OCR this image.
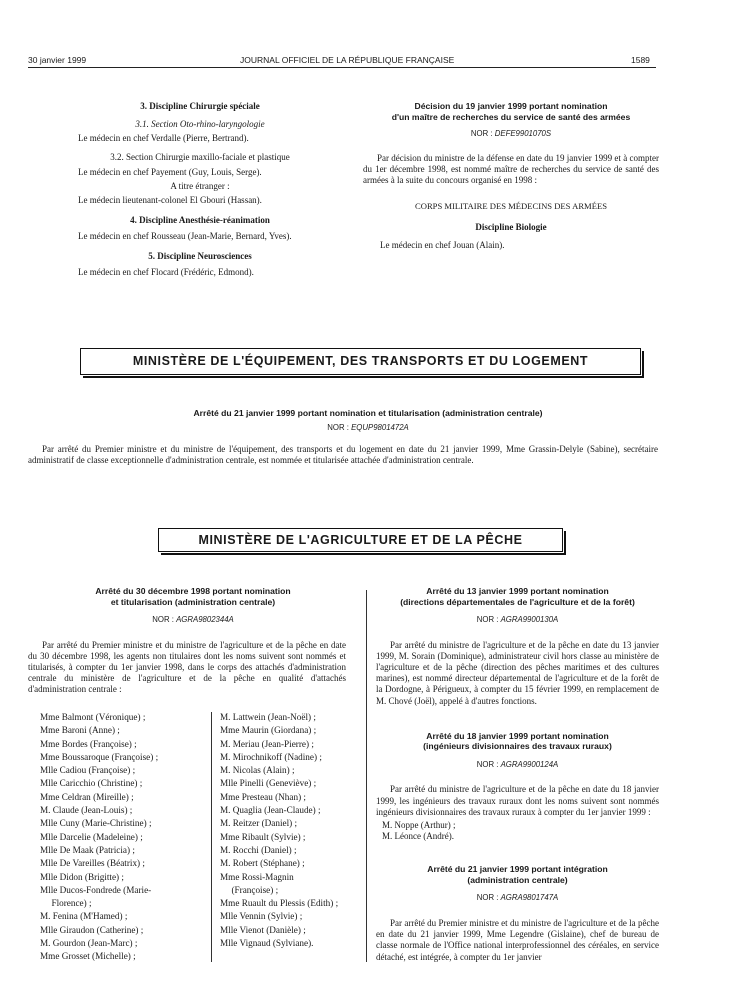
30 janvier 1999	JOURNAL OFFICIEL DE LA RÉPUBLIQUE FRANÇAISE	1589
3. Discipline Chirurgie spéciale
3.1. Section Oto-rhino-laryngologie
Le médecin en chef Verdalle (Pierre, Bertrand).
3.2. Section Chirurgie maxillo-faciale et plastique
Le médecin en chef Payement (Guy, Louis, Serge).
A titre étranger :
Le médecin lieutenant-colonel El Gbouri (Hassan).
4. Discipline Anesthésie-réanimation
Le médecin en chef Rousseau (Jean-Marie, Bernard, Yves).
5. Discipline Neurosciences
Le médecin en chef Flocard (Frédéric, Edmond).
Décision du 19 janvier 1999 portant nomination
d'un maître de recherches du service de santé des armées
NOR : DEFE9901070S
Par décision du ministre de la défense en date du 19 janvier 1999 et à compter du 1er décembre 1998, est nommé maître de recherches du service de santé des armées à la suite du concours organisé en 1998 :
CORPS MILITAIRE DES MÉDECINS DES ARMÉES
Discipline Biologie
Le médecin en chef Jouan (Alain).
MINISTÈRE DE L'ÉQUIPEMENT, DES TRANSPORTS ET DU LOGEMENT
Arrêté du 21 janvier 1999 portant nomination et titularisation (administration centrale)
NOR : EQUP9801472A
Par arrêté du Premier ministre et du ministre de l'équipement, des transports et du logement en date du 21 janvier 1999, Mme Grassin-Delyle (Sabine), secrétaire administratif de classe exceptionnelle d'administration centrale, est nommée et titularisée attachée d'administration centrale.
MINISTÈRE DE L'AGRICULTURE ET DE LA PÊCHE
Arrêté du 30 décembre 1998 portant nomination
et titularisation (administration centrale)
NOR : AGRA9802344A
Par arrêté du Premier ministre et du ministre de l'agriculture et de la pêche en date du 30 décembre 1998, les agents non titulaires dont les noms suivent sont nommés et titularisés, à compter du 1er janvier 1998, dans le corps des attachés d'administration centrale du ministère de l'agriculture et de la pêche en qualité d'attachés d'administration centrale :
Mme Balmont (Véronique) ;
Mme Baroni (Anne) ;
Mme Bordes (Françoise) ;
Mme Boussaroque (Françoise) ;
Mlle Cadiou (Françoise) ;
Mlle Caricchio (Christine) ;
Mme Celdran (Mireille) ;
M. Claude (Jean-Louis) ;
Mlle Cuny (Marie-Christine) ;
Mlle Darcelie (Madeleine) ;
Mlle De Maak (Patricia) ;
Mlle De Vareilles (Béatrix) ;
Mlle Didon (Brigitte) ;
Mlle Ducos-Fondrede (Marie-
Florence) ;
M. Fenina (M'Hamed) ;
Mlle Giraudon (Catherine) ;
M. Gourdon (Jean-Marc) ;
Mme Grosset (Michelle) ;
M. Lattwein (Jean-Noël) ;
Mme Maurin (Giordana) ;
M. Meriau (Jean-Pierre) ;
M. Mirochnikoff (Nadine) ;
M. Nicolas (Alain) ;
Mlle Pinelli (Geneviève) ;
Mme Presteau (Nhan) ;
M. Quaglia (Jean-Claude) ;
M. Reitzer (Daniel) ;
Mme Ribault (Sylvie) ;
M. Rocchi (Daniel) ;
M. Robert (Stéphane) ;
Mme Rossi-Magnin
(Françoise) ;
Mme Ruault du Plessis (Edith) ;
Mlle Vennin (Sylvie) ;
Mlle Vienot (Danièle) ;
Mlle Vignaud (Sylviane).
Arrêté du 13 janvier 1999 portant nomination
(directions départementales de l'agriculture et de la forêt)
NOR : AGRA9900130A
Par arrêté du ministre de l'agriculture et de la pêche en date du 13 janvier 1999, M. Sorain (Dominique), administrateur civil hors classe au ministère de l'agriculture et de la pêche (direction des pêches maritimes et des cultures marines), est nommé directeur départemental de l'agriculture et de la forêt de la Dordogne, à Périgueux, à compter du 15 février 1999, en remplacement de M. Chové (Joël), appelé à d'autres fonctions.
Arrêté du 18 janvier 1999 portant nomination
(ingénieurs divisionnaires des travaux ruraux)
NOR : AGRA9900124A
Par arrêté du ministre de l'agriculture et de la pêche en date du 18 janvier 1999, les ingénieurs des travaux ruraux dont les noms suivent sont nommés ingénieurs divisionnaires des travaux ruraux à compter du 1er janvier 1999 :
M. Noppe (Arthur) ;
M. Léonce (André).
Arrêté du 21 janvier 1999 portant intégration
(administration centrale)
NOR : AGRA9801747A
Par arrêté du Premier ministre et du ministre de l'agriculture et de la pêche en date du 21 janvier 1999, Mme Legendre (Gislaine), chef de bureau de classe normale de l'Office national interprofessionnel des céréales, en service détaché, est intégrée, à compter du 1er janvier
